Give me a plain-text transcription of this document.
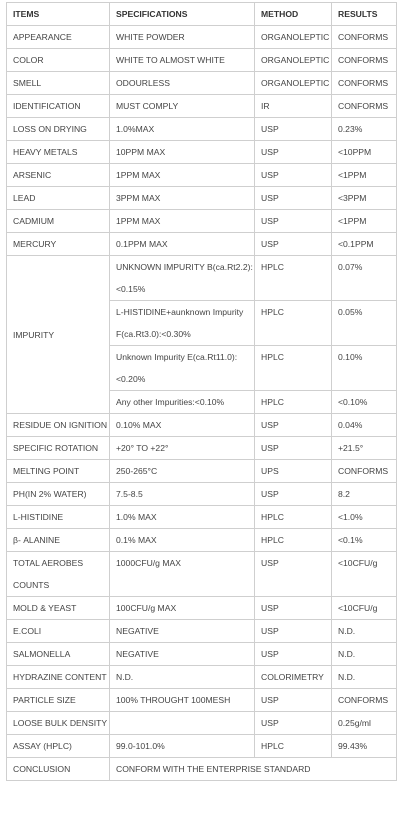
ITEMS	SPECIFICATIONS	METHOD	RESULTS
APPEARANCE	WHITE POWDER	ORGANOLEPTIC	CONFORMS
COLOR	WHITE TO ALMOST WHITE	ORGANOLEPTIC	CONFORMS
SMELL	ODOURLESS	ORGANOLEPTIC	CONFORMS
IDENTIFICATION	MUST COMPLY	IR	CONFORMS
LOSS ON DRYING	1.0%MAX	USP	0.23%
HEAVY METALS	10PPM MAX	USP	<10PPM
ARSENIC	1PPM MAX	USP	<1PPM
LEAD	3PPM MAX	USP	<3PPM
CADMIUM	1PPM MAX	USP	<1PPM
MERCURY	0.1PPM MAX	USP	<0.1PPM
IMPURITY	UNKNOWN IMPURITY B(ca.Rt2.2):<0.15%	HPLC	0.07%
	L-HISTIDINE+aunknown Impurity F(ca.Rt3.0):<0.30%	HPLC	0.05%
	Unknown Impurity E(ca.Rt11.0): <0.20%	HPLC	0.10%
	Any other Impurities:<0.10%	HPLC	<0.10%
RESIDUE ON IGNITION	0.10% MAX	USP	0.04%
SPECIFIC ROTATION	+20° TO +22°	USP	+21.5°
MELTING POINT	250-265°C	UPS	CONFORMS
PH(IN 2% WATER)	7.5-8.5	USP	8.2
L-HISTIDINE	1.0% MAX	HPLC	<1.0%
β- ALANINE	0.1% MAX	HPLC	<0.1%
TOTAL AEROBES COUNTS	1000CFU/g MAX	USP	<10CFU/g
MOLD & YEAST	100CFU/g MAX	USP	<10CFU/g
E.COLI	NEGATIVE	USP	N.D.
SALMONELLA	NEGATIVE	USP	N.D.
HYDRAZINE CONTENT	N.D.	COLORIMETRY	N.D.
PARTICLE SIZE	100% THROUGHT 100MESH	USP	CONFORMS
LOOSE BULK DENSITY		USP	0.25g/ml
ASSAY (HPLC)	99.0-101.0%	HPLC	99.43%
CONCLUSION	CONFORM WITH THE ENTERPRISE STANDARD		
